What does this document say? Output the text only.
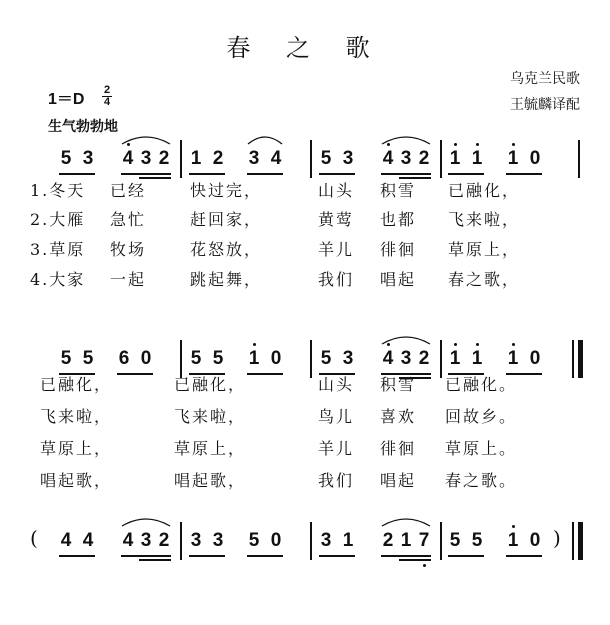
春 之 歌
乌克兰民歌
王毓麟译配
1＝D
2
4
生气勃勃地
5 3 4 3 2 1 2 3 4 5 3 4 3 2 1 1 1 0
1.冬天 已经	快过完，	山头 积雪 已融化，
2.大雁 急忙	赶回家，	黄莺 也都 飞来啦，
3.草原 牧场	花怒放，	羊儿 徘徊 草原上，
4.大家 一起	跳起舞，	我们 唱起 春之歌，
5 5 6 0 5 5 1 0 5 3 4 3 2 1 1 1 0
已融化，	已融化，	山头 积雪 已融化。
飞来啦，	飞来啦，	鸟儿 喜欢 回故乡。
草原上，	草原上，	羊儿 徘徊 草原上。
唱起歌，	唱起歌，	我们 唱起 春之歌。
4 4 4 3 2 3 3 5 0 3 1 2 1 7 5 5 1 0
(	)
